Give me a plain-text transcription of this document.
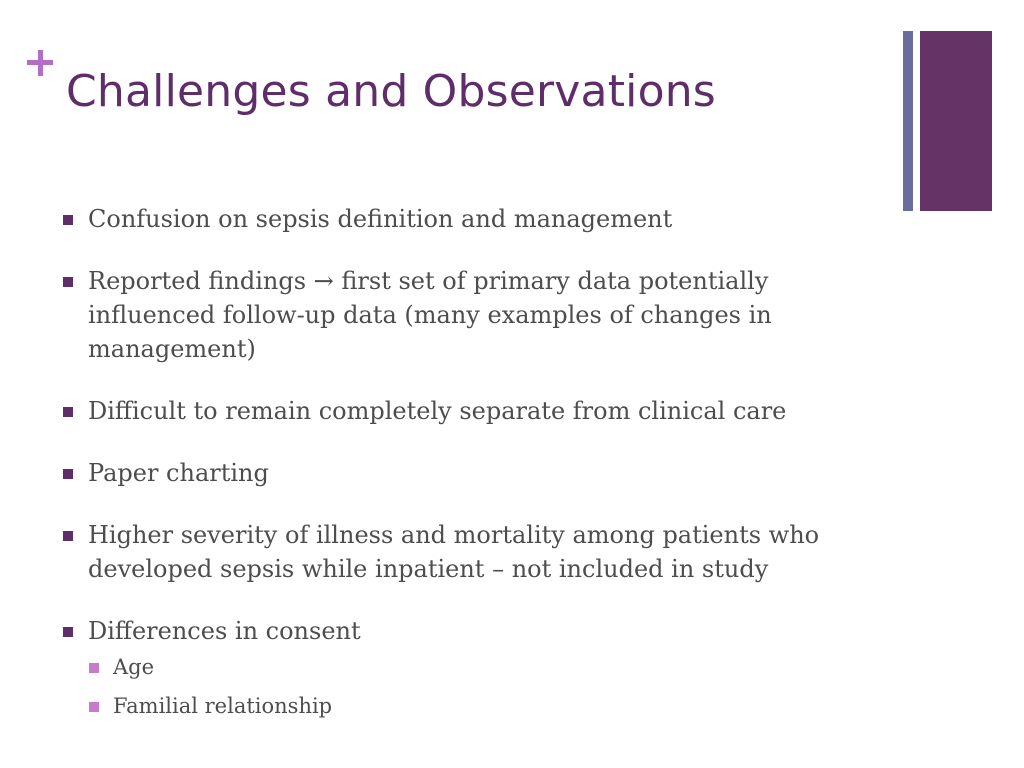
Challenges and Observations
Confusion on sepsis definition and management
Reported findings → first set of primary data potentially influenced follow-up data (many examples of changes in management)
Difficult to remain completely separate from clinical care
Paper charting
Higher severity of illness and mortality among patients who developed sepsis while inpatient – not included in study
Differences in consent
Age
Familial relationship
